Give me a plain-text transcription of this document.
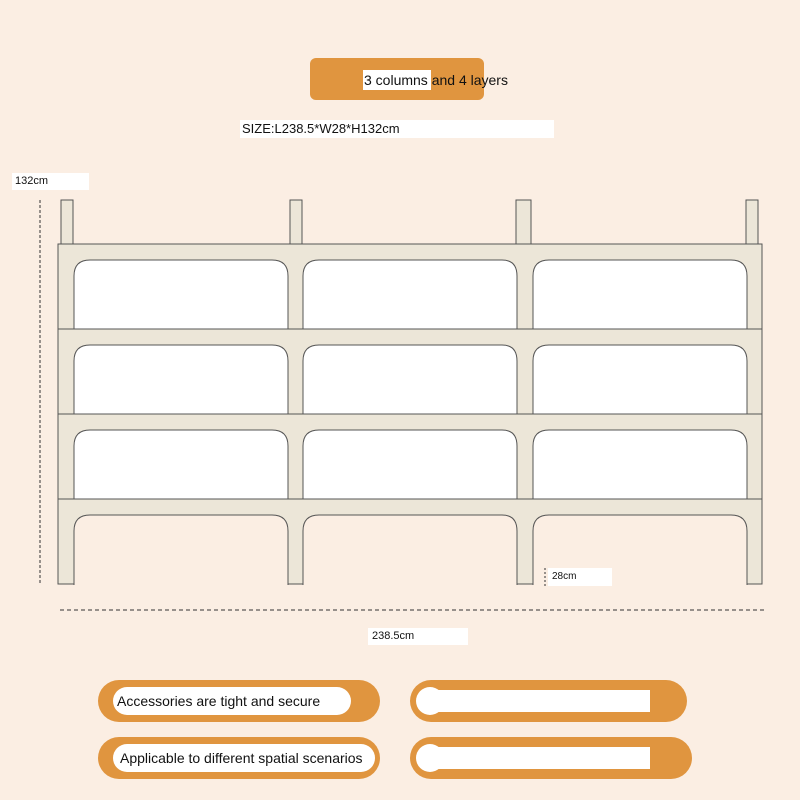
3 columns and 4 layers
SIZE:L238.5*W28*H132cm
132cm
28cm
238.5cm
Accessories are tight and secure
Applicable to different spatial scenarios
